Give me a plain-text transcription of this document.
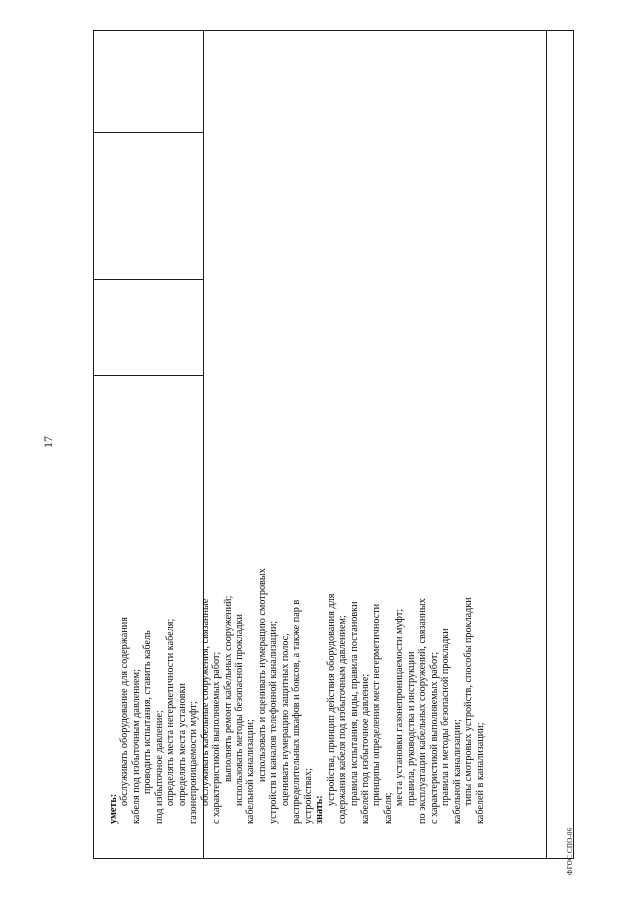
17
уметь:
обслуживать оборудование для содержания кабеля под избыточным давлением; проводить испытания, ставить кабель под избыточное давление; определять места негерметичности кабеля; определять места установки газонепроницаемости муфт; обслуживать кабельные сооружения, связанные с характеристикой выполняемых работ; выполнять ремонт кабельных сооружений; использовать методы безопасной прокладки кабельной канализации; использовать и оценивать нумерацию смотровых устройств и каналов телефонной канализации; оценивать нумерацию защитных полос, распределительных шкафов и боксов, а также пар в устройствах; знать:
устройства, принцип действия оборудования для содержания кабеля под избыточным давлением; правила испытания, виды, правила постановки кабелей под избыточное давление; принципы определения мест негерметичности
кабеля;
места установки газонепроницаемости муфт; правила, руководства и инструкции по эксплуатации кабельных сооружений, связанных с характеристикой выполняемых работ; правила и методы безопасной прокладки кабельной канализации; типы смотровых устройств, способы прокладки кабелей в канализации;
ФГОС СПО-06
